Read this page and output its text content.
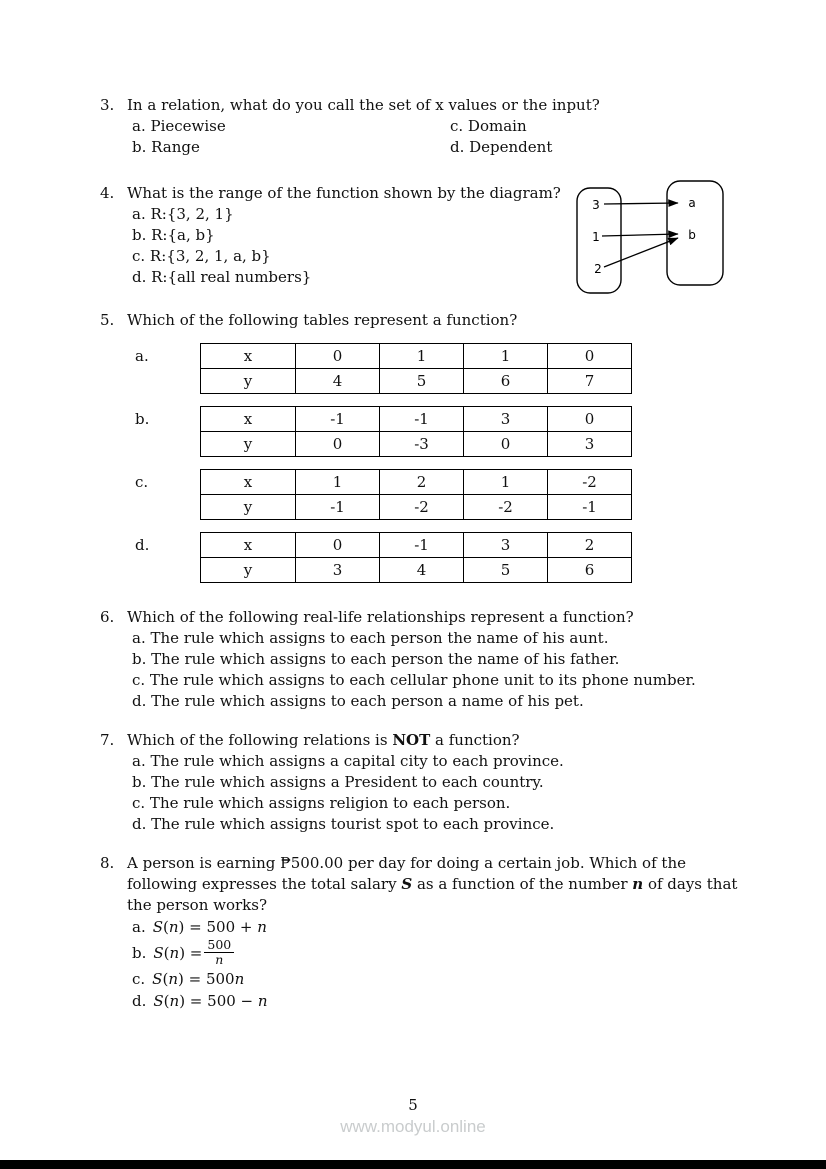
3. In a relation, what do you call the set of x values or the input?
a. Piecewise	c. Domain
b. Range	d. Dependent
4. What is the range of the function shown by the diagram?
a. R:{3, 2, 1}
b. R:{a, b}
c. R:{3, 2, 1, a, b}
d. R:{all real numbers}
5. Which of the following tables represent a function?
a.	x	0	1	1	0
y	4	5	6	7
b.	x	-1	-1	3	0
y	0	-3	0	3
c.	x	1	2	1	-2
y	-1	-2	-2	-1
d.	x	0	-1	3	2
y	3	4	5	6
6. Which of the following real-life relationships represent a function?
a. The rule which assigns to each person the name of his aunt.
b. The rule which assigns to each person the name of his father.
c. The rule which assigns to each cellular phone unit to its phone number.
d. The rule which assigns to each person a name of his pet.
7. Which of the following relations is NOT a function?
a. The rule which assigns a capital city to each province.
b. The rule which assigns a President to each country.
c. The rule which assigns religion to each person.
d. The rule which assigns tourist spot to each province.
8. A person is earning ₱500.00 per day for doing a certain job. Which of the following expresses the total salary S as a function of the number n of days that the person works?
a. S(n) = 500 + n
b. $S(n) = \frac{500}{n}$
c. S(n) = 500n
d. S(n) = 500 − n
3
1
2
a
b
5
www.modyul.online
